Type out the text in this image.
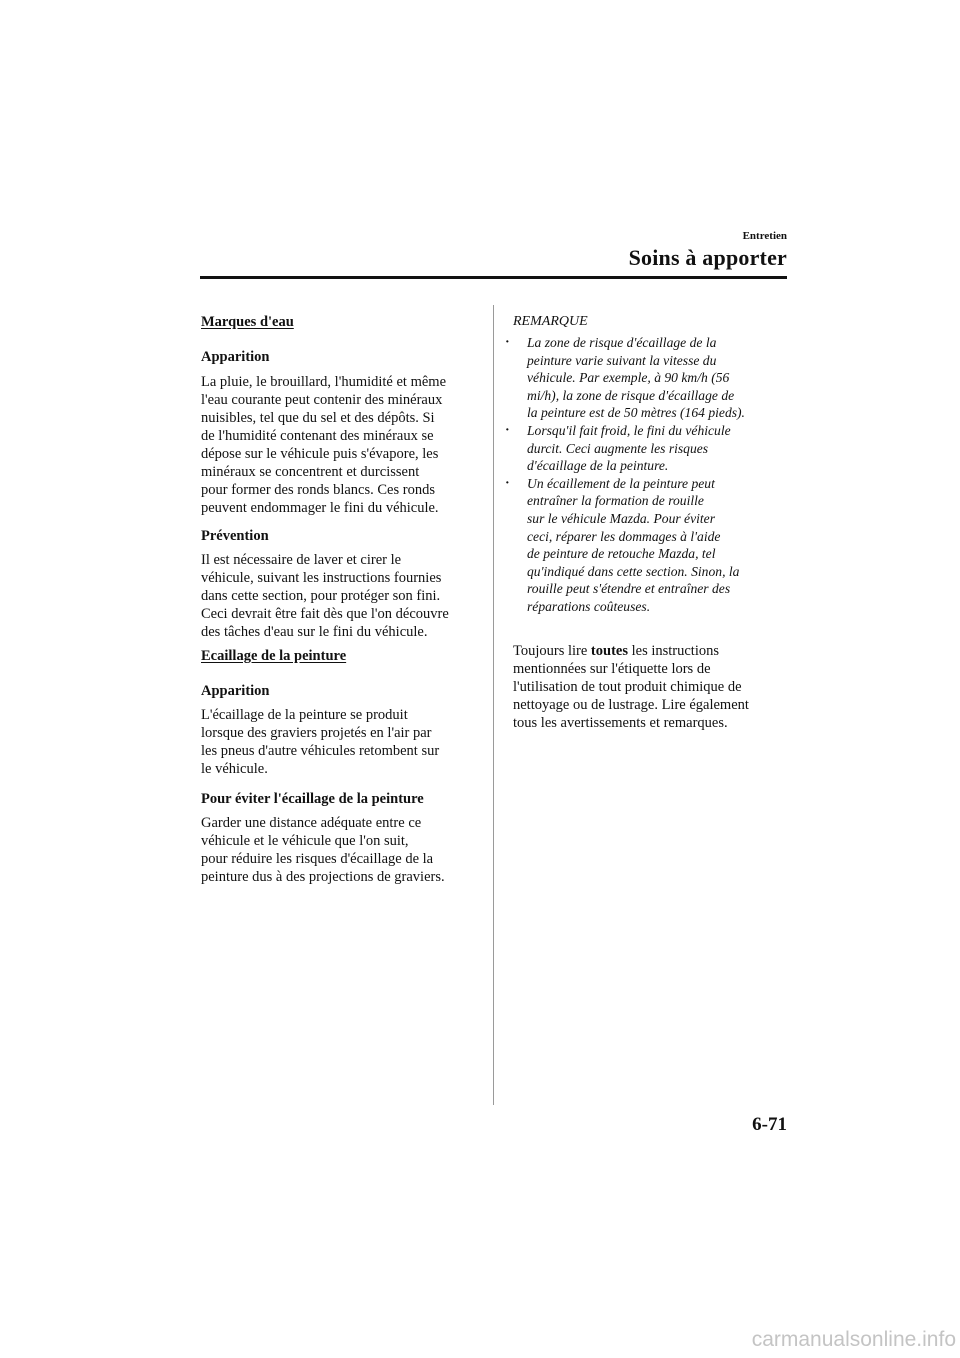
Entretien
Soins à apporter
Marques d'eau
Apparition
La pluie, le brouillard, l'humidité et même
l'eau courante peut contenir des minéraux
nuisibles, tel que du sel et des dépôts. Si
de l'humidité contenant des minéraux se
dépose sur le véhicule puis s'évapore, les
minéraux se concentrent et durcissent
pour former des ronds blancs. Ces ronds
peuvent endommager le fini du véhicule.
Prévention
Il est nécessaire de laver et cirer le
véhicule, suivant les instructions fournies
dans cette section, pour protéger son fini.
Ceci devrait être fait dès que l'on découvre
des tâches d'eau sur le fini du véhicule.
Ecaillage de la peinture
Apparition
L'écaillage de la peinture se produit
lorsque des graviers projetés en l'air par
les pneus d'autre véhicules retombent sur
le véhicule.
Pour éviter l'écaillage de la peinture
Garder une distance adéquate entre ce
véhicule et le véhicule que l'on suit,
pour réduire les risques d'écaillage de la
peinture dus à des projections de graviers.
REMARQUE
· La zone de risque d'écaillage de la
peinture varie suivant la vitesse du
véhicule. Par exemple, à 90 km/h (56
mi/h), la zone de risque d'écaillage de
la peinture est de 50 mètres (164 pieds).
· Lorsqu'il fait froid, le fini du véhicule
durcit. Ceci augmente les risques
d'écaillage de la peinture.
· Un écaillement de la peinture peut
entraîner la formation de rouille
sur le véhicule Mazda. Pour éviter
ceci, réparer les dommages à l'aide
de peinture de retouche Mazda, tel
qu'indiqué dans cette section. Sinon, la
rouille peut s'étendre et entraîner des
réparations coûteuses.
Toujours lire toutes les instructions
mentionnées sur l'étiquette lors de
l'utilisation de tout produit chimique de
nettoyage ou de lustrage. Lire également
tous les avertissements et remarques.
6-71
carmanualsonline.info
